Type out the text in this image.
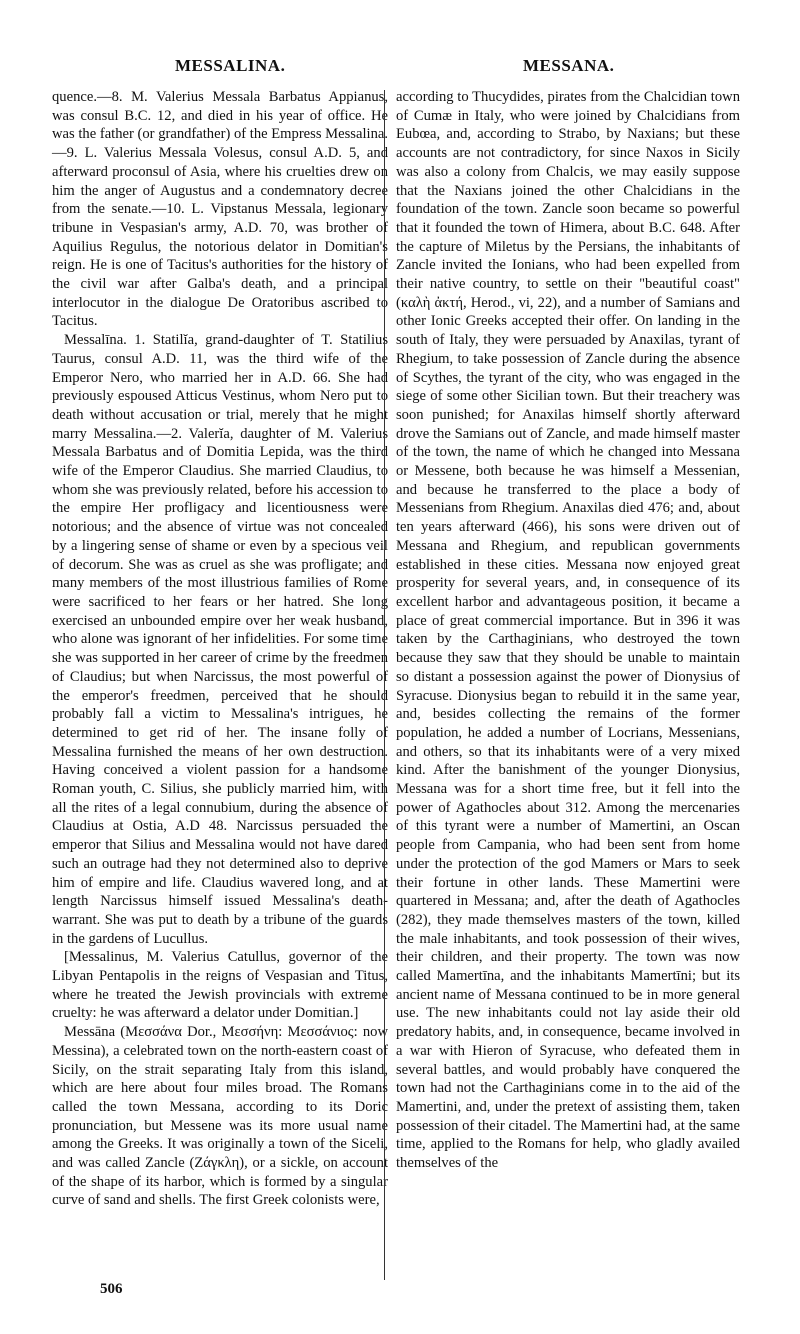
MESSALINA.	MESSANA.

quence.—8. M. Valerius Messala Barbatus Appianus, was consul B.C. 12, and died in his year of office. He was the father (or grandfather) of the Empress Messalina.—9. L. Valerius Messala Volesus, consul A.D. 5, and afterward proconsul of Asia, where his cruelties drew on him the anger of Augustus and a condemnatory decree from the senate.—10. L. Vipstanus Messala, legionary tribune in Vespasian's army, A.D. 70, was brother of Aquilius Regulus, the notorious delator in Domitian's reign. He is one of Tacitus's authorities for the history of the civil war after Galba's death, and a principal interlocutor in the dialogue De Oratoribus ascribed to Tacitus.

Messalīna. 1. Statilĭa, grand-daughter of T. Statilius Taurus, consul A.D. 11, was the third wife of the Emperor Nero, who married her in A.D. 66. She had previously espoused Atticus Vestinus, whom Nero put to death without accusation or trial, merely that he might marry Messalina.—2. Valerĭa, daughter of M. Valerius Messala Barbatus and of Domitia Lepida, was the third wife of the Emperor Claudius. She married Claudius, to whom she was previously related, before his accession to the empire Her profligacy and licentiousness were notorious; and the absence of virtue was not concealed by a lingering sense of shame or even by a specious veil of decorum. She was as cruel as she was profligate; and many members of the most illustrious families of Rome were sacrificed to her fears or her hatred. She long exercised an unbounded empire over her weak husband, who alone was ignorant of her infidelities. For some time she was supported in her career of crime by the freedmen of Claudius; but when Narcissus, the most powerful of the emperor's freedmen, perceived that he should probably fall a victim to Messalina's intrigues, he determined to get rid of her. The insane folly of Messalina furnished the means of her own destruction. Having conceived a violent passion for a handsome Roman youth, C. Silius, she publicly married him, with all the rites of a legal connubium, during the absence of Claudius at Ostia, A.D 48. Narcissus persuaded the emperor that Silius and Messalina would not have dared such an outrage had they not determined also to deprive him of empire and life. Claudius wavered long, and at length Narcissus himself issued Messalina's death-warrant. She was put to death by a tribune of the guards in the gardens of Lucullus.

[Messalinus, M. Valerius Catullus, governor of the Libyan Pentapolis in the reigns of Vespasian and Titus, where he treated the Jewish provincials with extreme cruelty: he was afterward a delator under Domitian.]

Messāna (Μεσσάνα Dor., Μεσσήνη: Μεσσάνιος: now Messina), a celebrated town on the north-eastern coast of Sicily, on the strait separating Italy from this island, which are here about four miles broad. The Romans called the town Messana, according to its Doric pronunciation, but Messene was its more usual name among the Greeks. It was originally a town of the Siceli, and was called Zancle (Ζάγκλη), or a sickle, on account of the shape of its harbor, which is formed by a singular curve of sand and shells. The first Greek colonists were,

according to Thucydides, pirates from the Chalcidian town of Cumæ in Italy, who were joined by Chalcidians from Eubœa, and, according to Strabo, by Naxians; but these accounts are not contradictory, for since Naxos in Sicily was also a colony from Chalcis, we may easily suppose that the Naxians joined the other Chalcidians in the foundation of the town. Zancle soon became so powerful that it founded the town of Himera, about B.C. 648. After the capture of Miletus by the Persians, the inhabitants of Zancle invited the Ionians, who had been expelled from their native country, to settle on their "beautiful coast" (καλὴ ἀκτή, Herod., vi, 22), and a number of Samians and other Ionic Greeks accepted their offer. On landing in the south of Italy, they were persuaded by Anaxilas, tyrant of Rhegium, to take possession of Zancle during the absence of Scythes, the tyrant of the city, who was engaged in the siege of some other Sicilian town. But their treachery was soon punished; for Anaxilas himself shortly afterward drove the Samians out of Zancle, and made himself master of the town, the name of which he changed into Messana or Messene, both because he was himself a Messenian, and because he transferred to the place a body of Messenians from Rhegium. Anaxilas died 476; and, about ten years afterward (466), his sons were driven out of Messana and Rhegium, and republican governments established in these cities. Messana now enjoyed great prosperity for several years, and, in consequence of its excellent harbor and advantageous position, it became a place of great commercial importance. But in 396 it was taken by the Carthaginians, who destroyed the town because they saw that they should be unable to maintain so distant a possession against the power of Dionysius of Syracuse. Dionysius began to rebuild it in the same year, and, besides collecting the remains of the former population, he added a number of Locrians, Messenians, and others, so that its inhabitants were of a very mixed kind. After the banishment of the younger Dionysius, Messana was for a short time free, but it fell into the power of Agathocles about 312. Among the mercenaries of this tyrant were a number of Mamertini, an Oscan people from Campania, who had been sent from home under the protection of the god Mamers or Mars to seek their fortune in other lands. These Mamertini were quartered in Messana; and, after the death of Agathocles (282), they made themselves masters of the town, killed the male inhabitants, and took possession of their wives, their children, and their property. The town was now called Mamertīna, and the inhabitants Mamertīni; but its ancient name of Messana continued to be in more general use. The new inhabitants could not lay aside their old predatory habits, and, in consequence, became involved in a war with Hieron of Syracuse, who defeated them in several battles, and would probably have conquered the town had not the Carthaginians come in to the aid of the Mamertini, and, under the pretext of assisting them, taken possession of their citadel. The Mamertini had, at the same time, applied to the Romans for help, who gladly availed themselves of the

506
